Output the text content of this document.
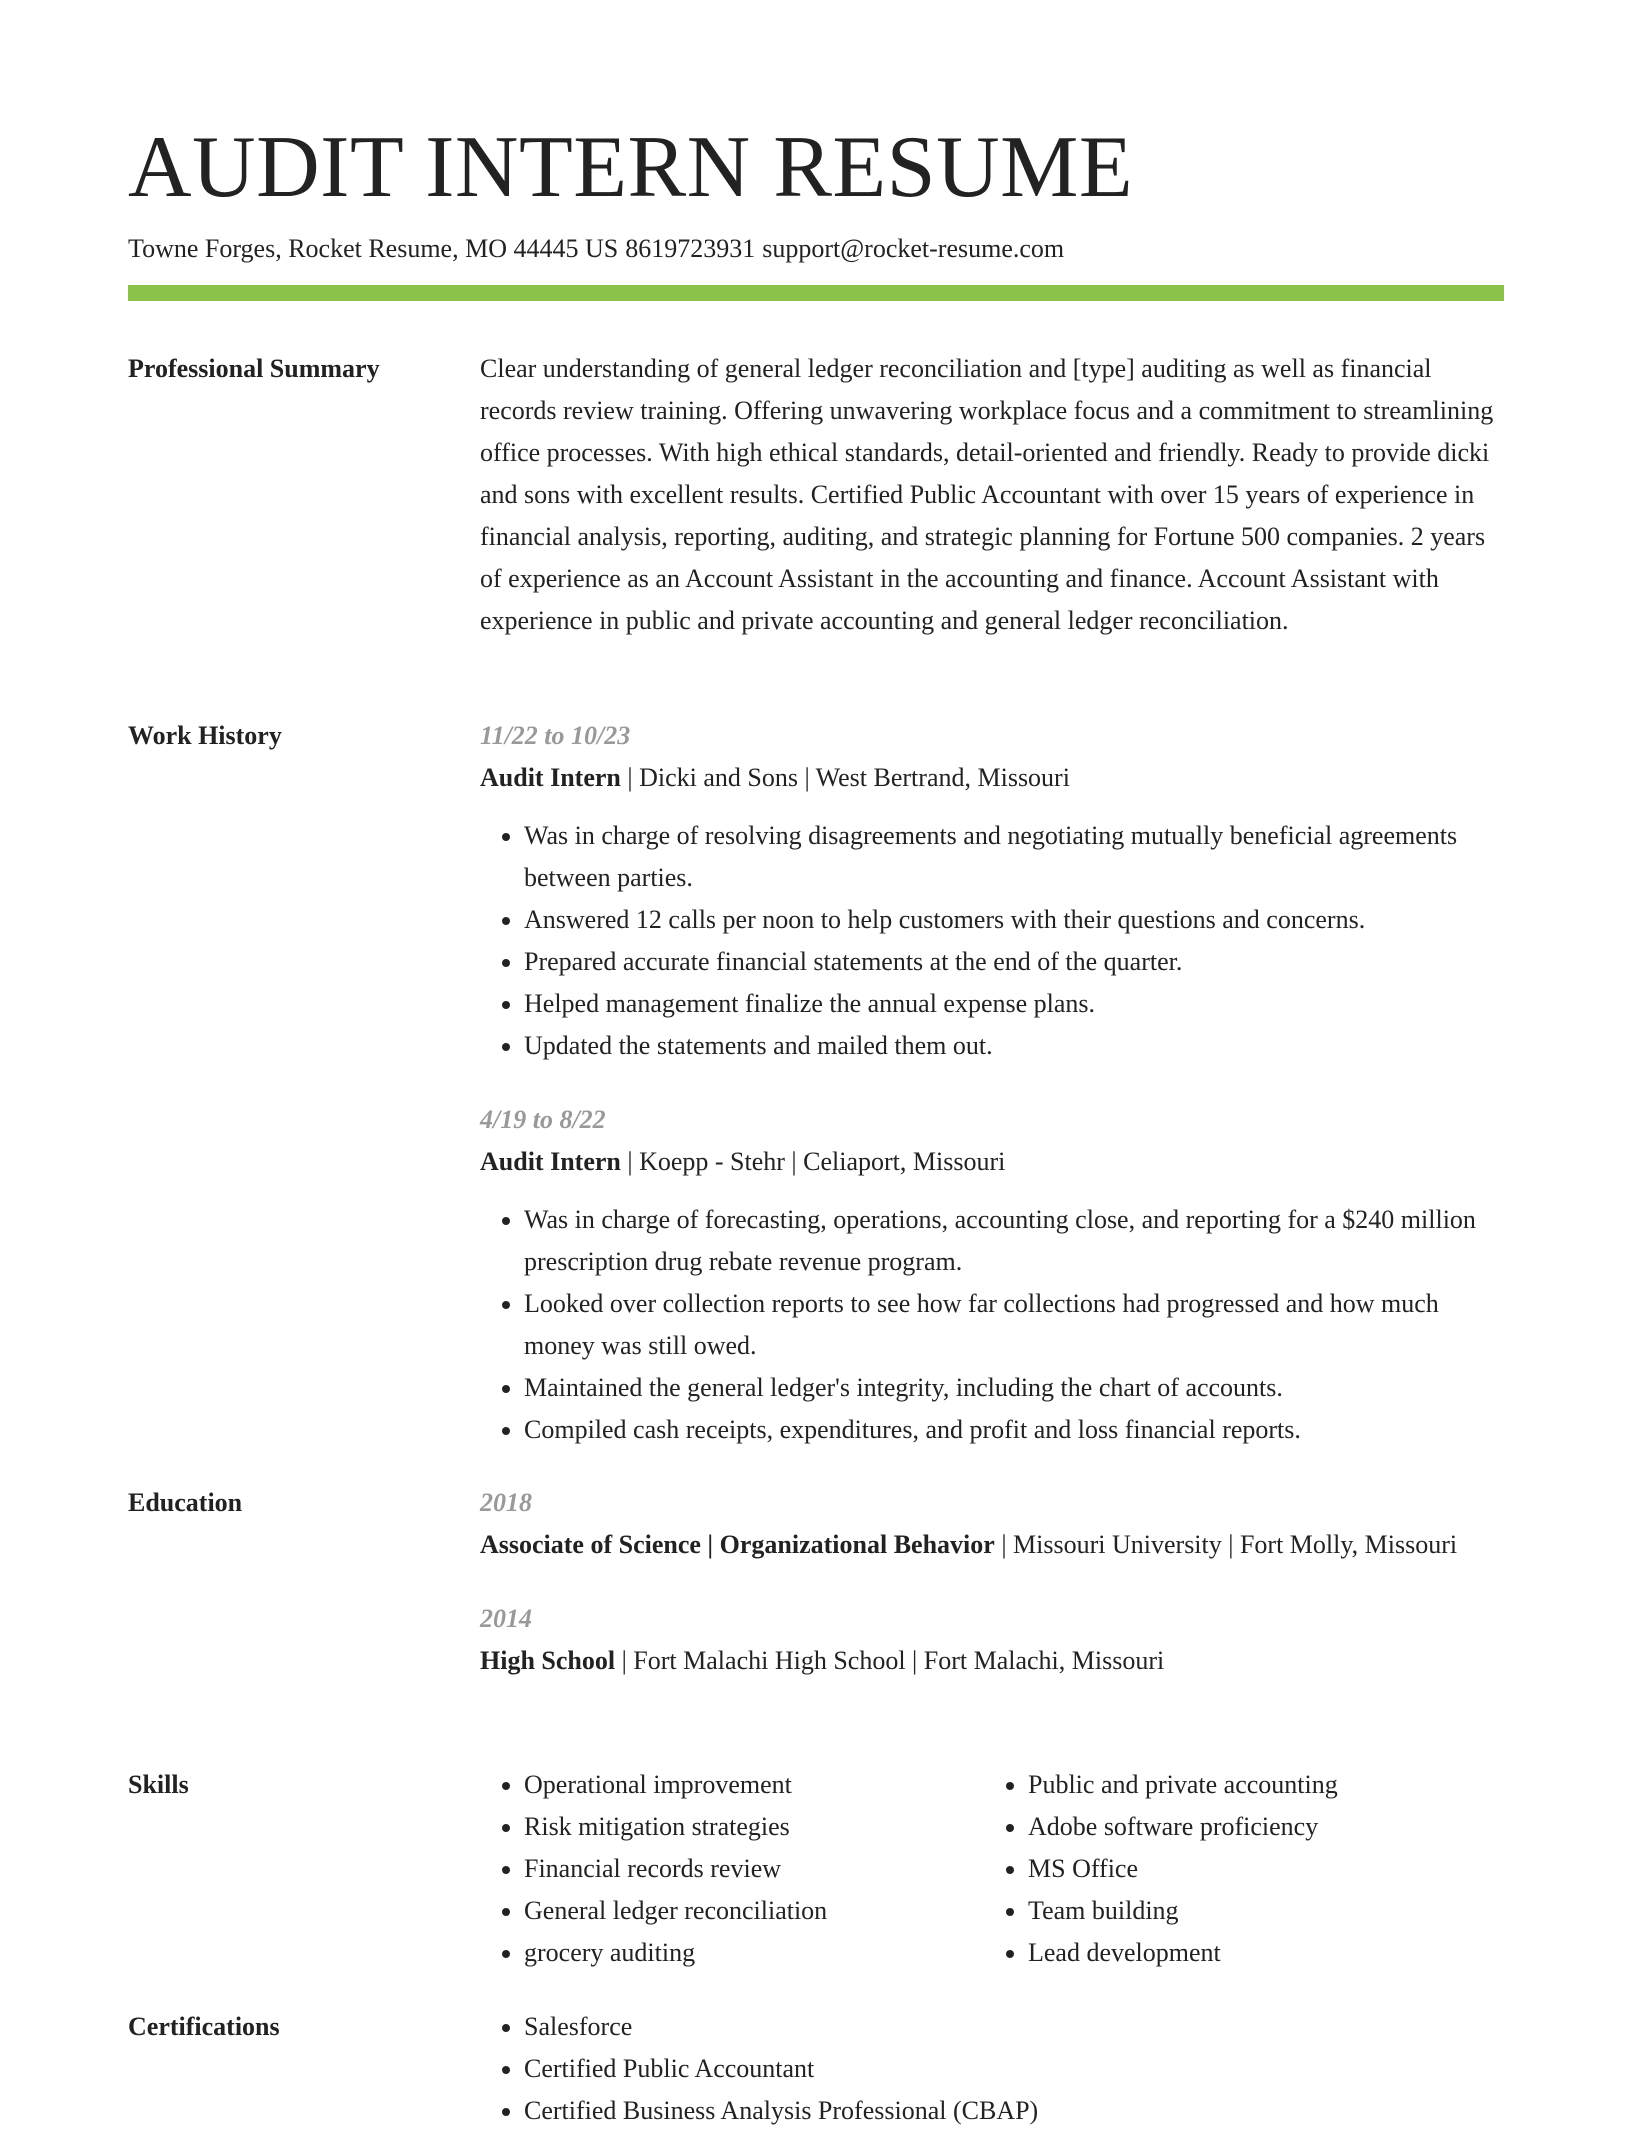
AUDIT INTERN RESUME
Towne Forges, Rocket Resume, MO 44445 US 8619723931 support@rocket-resume.com
Professional Summary	Clear understanding of general ledger reconciliation and [type] auditing as well as financial records review training. Offering unwavering workplace focus and a commitment to streamlining office processes. With high ethical standards, detail-oriented and friendly. Ready to provide dicki and sons with excellent results. Certified Public Accountant with over 15 years of experience in financial analysis, reporting, auditing, and strategic planning for Fortune 500 companies. 2 years of experience as an Account Assistant in the accounting and finance. Account Assistant with experience in public and private accounting and general ledger reconciliation.

Work History	11/22 to 10/23
Audit Intern | Dicki and Sons | West Bertrand, Missouri
• Was in charge of resolving disagreements and negotiating mutually beneficial agreements between parties.
• Answered 12 calls per noon to help customers with their questions and concerns.
• Prepared accurate financial statements at the end of the quarter.
• Helped management finalize the annual expense plans.
• Updated the statements and mailed them out.
4/19 to 8/22
Audit Intern | Koepp - Stehr | Celiaport, Missouri
• Was in charge of forecasting, operations, accounting close, and reporting for a $240 million prescription drug rebate revenue program.
• Looked over collection reports to see how far collections had progressed and how much money was still owed.
• Maintained the general ledger's integrity, including the chart of accounts.
• Compiled cash receipts, expenditures, and profit and loss financial reports.
Education	2018
Associate of Science | Organizational Behavior | Missouri University | Fort Molly, Missouri
2014
High School | Fort Malachi High School | Fort Malachi, Missouri
Skills	• Operational improvement
• Risk mitigation strategies
• Financial records review
• General ledger reconciliation
• grocery auditing
• Public and private accounting
• Adobe software proficiency
• MS Office
• Team building
• Lead development
Certifications	• Salesforce
• Certified Public Accountant
• Certified Business Analysis Professional (CBAP)
